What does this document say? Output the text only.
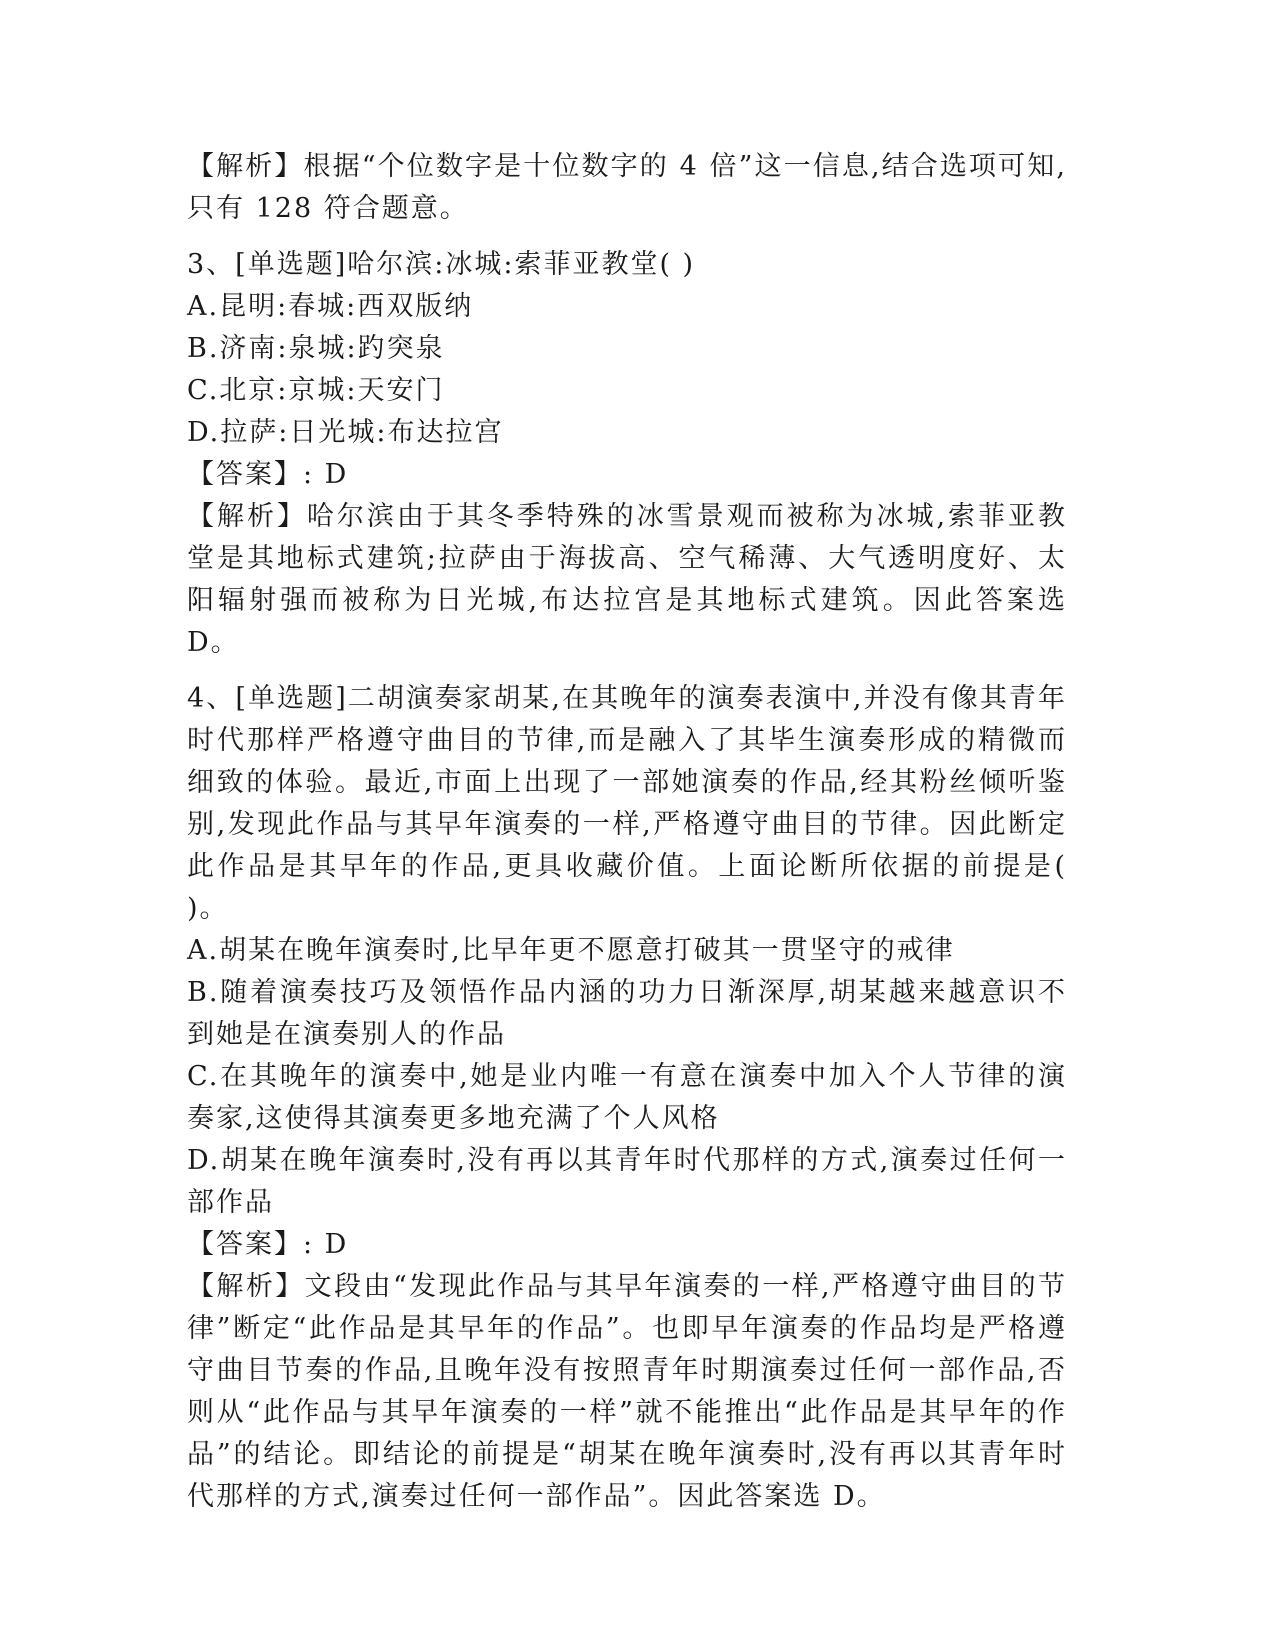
【解析】根据“个位数字是十位数字的 4 倍”这一信息,结合选项可知,只有 128 符合题意。

3、[单选题]哈尔滨:冰城:索菲亚教堂( )

A.昆明:春城:西双版纳

B.济南:泉城:趵突泉

C.北京:京城:天安门

D.拉萨:日光城:布达拉宫

【答案】: D

【解析】哈尔滨由于其冬季特殊的冰雪景观而被称为冰城,索菲亚教堂是其地标式建筑;拉萨由于海拔高、空气稀薄、大气透明度好、太阳辐射强而被称为日光城,布达拉宫是其地标式建筑。因此答案选 D。

4、[单选题]二胡演奏家胡某,在其晚年的演奏表演中,并没有像其青年时代那样严格遵守曲目的节律,而是融入了其毕生演奏形成的精微而细致的体验。最近,市面上出现了一部她演奏的作品,经其粉丝倾听鉴别,发现此作品与其早年演奏的一样,严格遵守曲目的节律。因此断定此作品是其早年的作品,更具收藏价值。上面论断所依据的前提是( )。

A.胡某在晚年演奏时,比早年更不愿意打破其一贯坚守的戒律

B.随着演奏技巧及领悟作品内涵的功力日渐深厚,胡某越来越意识不到她是在演奏别人的作品

C.在其晚年的演奏中,她是业内唯一有意在演奏中加入个人节律的演奏家,这使得其演奏更多地充满了个人风格

D.胡某在晚年演奏时,没有再以其青年时代那样的方式,演奏过任何一部作品

【答案】: D

【解析】文段由“发现此作品与其早年演奏的一样,严格遵守曲目的节律”断定“此作品是其早年的作品”。也即早年演奏的作品均是严格遵守曲目节奏的作品,且晚年没有按照青年时期演奏过任何一部作品,否则从“此作品与其早年演奏的一样”就不能推出“此作品是其早年的作品”的结论。即结论的前提是“胡某在晚年演奏时,没有再以其青年时代那样的方式,演奏过任何一部作品”。因此答案选 D。
